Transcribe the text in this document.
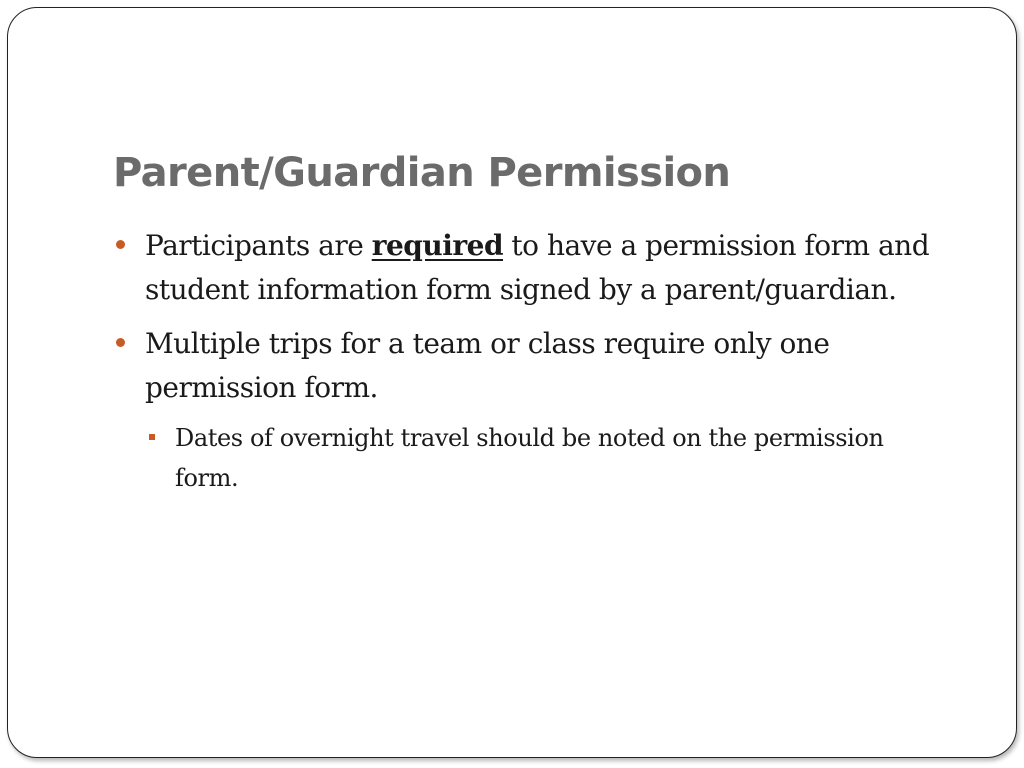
Parent/Guardian Permission
Participants are required to have a permission form and student information form signed by a parent/guardian.
Multiple trips for a team or class require only one permission form.
Dates of overnight travel should be noted on the permission form.
